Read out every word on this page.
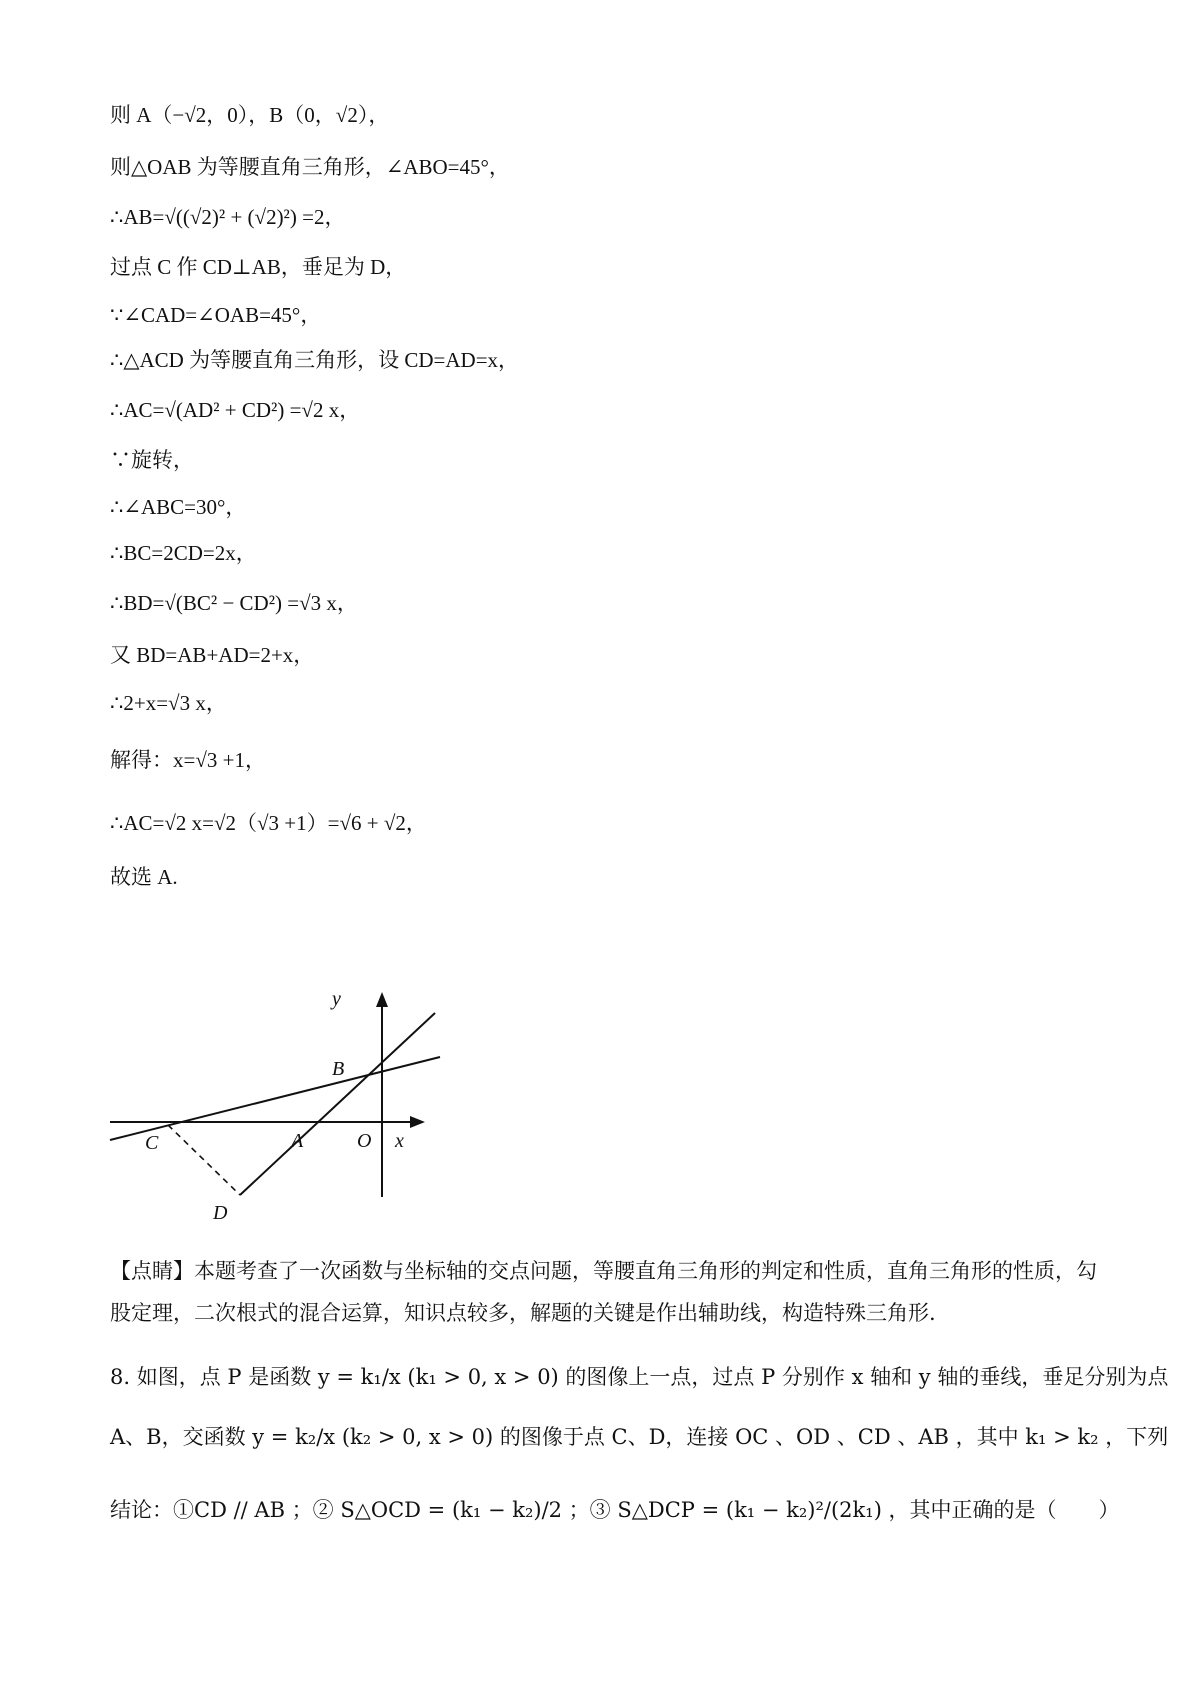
则 A（−√2，0），B（0，√2），
则△OAB 为等腰直角三角形，∠ABO=45°，
∴AB=√((√2)² + (√2)²) =2，
过点 C 作 CD⊥AB，垂足为 D，
∵∠CAD=∠OAB=45°，
∴△ACD 为等腰直角三角形，设 CD=AD=x，
∴AC=√(AD² + CD²) =√2 x，
∵旋转，
∴∠ABC=30°，
∴BC=2CD=2x，
∴BD=√(BC² − CD²) =√3 x，
又 BD=AB+AD=2+x，
∴2+x=√3 x，
解得：x=√3 +1，
∴AC=√2 x=√2（√3 +1）=√6 + √2，
故选 A.
y
x
B
C	A	O
D
【点睛】本题考查了一次函数与坐标轴的交点问题，等腰直角三角形的判定和性质，直角三角形的性质，勾股定理，二次根式的混合运算，知识点较多，解题的关键是作出辅助线，构造特殊三角形.
8. 如图，点 P 是函数 y = k₁/x (k₁ > 0, x > 0) 的图像上一点，过点 P 分别作 x 轴和 y 轴的垂线，垂足分别为点
A、B，交函数 y = k₂/x (k₂ > 0, x > 0) 的图像于点 C、D，连接 OC 、OD 、CD 、AB ，其中 k₁ > k₂ ，下列
结论：①CD // AB ；② S△OCD = (k₁ − k₂)/2 ；③ S△DCP = (k₁ − k₂)²/(2k₁) ，其中正确的是（　　）
